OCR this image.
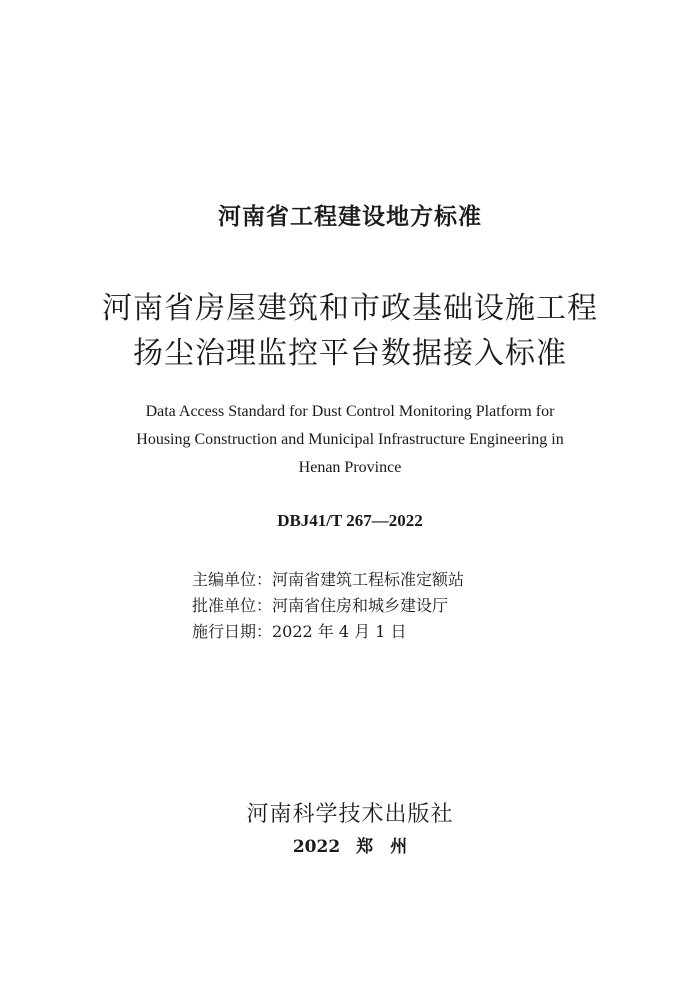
河南省工程建设地方标准
河南省房屋建筑和市政基础设施工程
扬尘治理监控平台数据接入标准
Data Access Standard for Dust Control Monitoring Platform for
Housing Construction and Municipal Infrastructure Engineering in
Henan Province
DBJ41/T 267—2022
主编单位：河南省建筑工程标准定额站
批准单位：河南省住房和城乡建设厅
施行日期：2022 年 4 月 1 日
河南科学技术出版社
2022 郑　州
